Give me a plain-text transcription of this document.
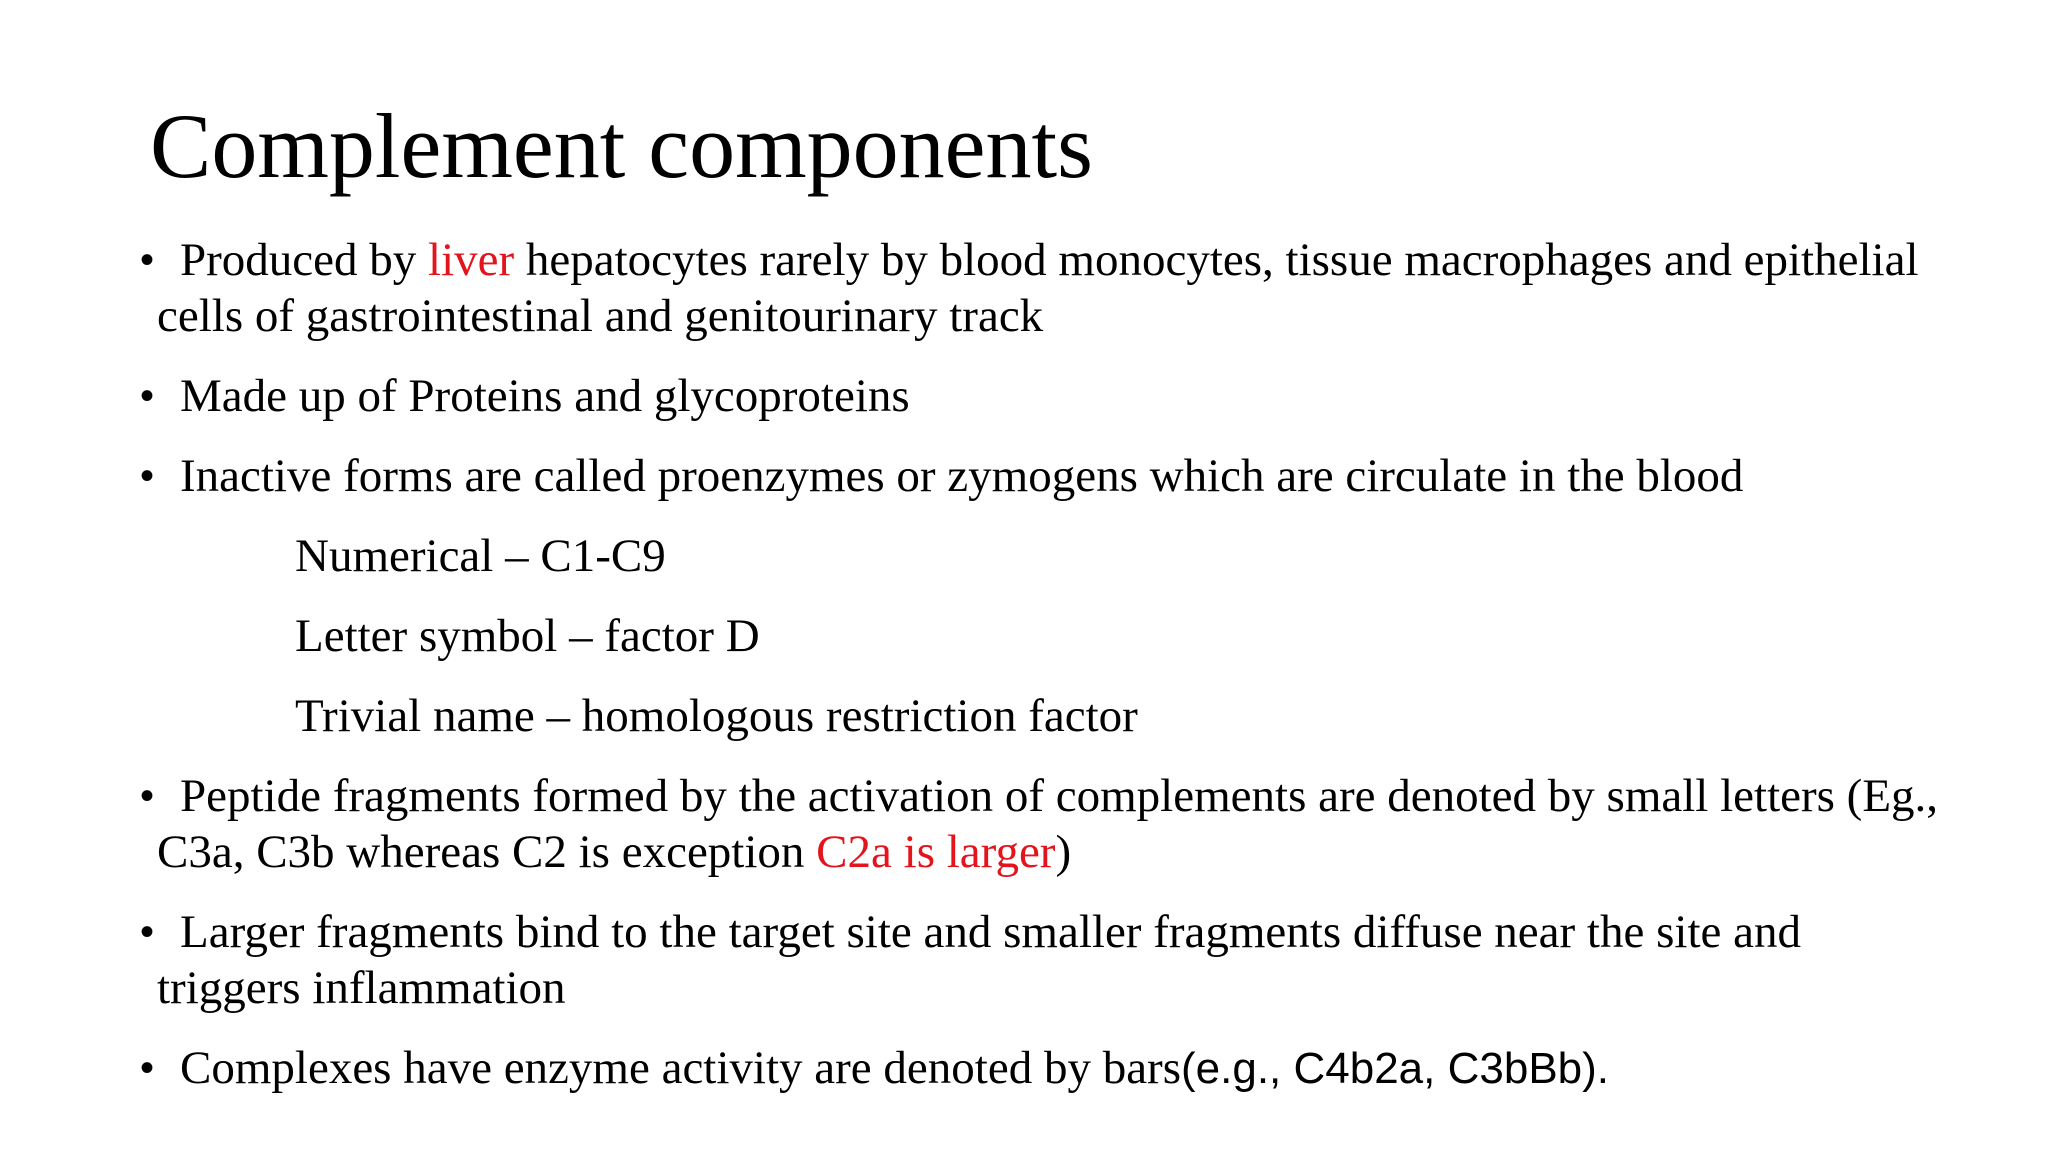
Complement components
• Produced by liver hepatocytes rarely by blood monocytes, tissue macrophages and epithelial cells of gastrointestinal and genitourinary track
• Made up of Proteins and glycoproteins
• Inactive forms are called proenzymes or zymogens which are circulate in the blood
Numerical – C1-C9
Letter symbol – factor D
Trivial name – homologous restriction factor
• Peptide fragments formed by the activation of complements are denoted by small letters (Eg., C3a, C3b whereas C2 is exception C2a is larger)
• Larger fragments bind to the target site and smaller fragments diffuse near the site and triggers inflammation
• Complexes have enzyme activity are denoted by bars(e.g., C4b2a, C3bBb).
